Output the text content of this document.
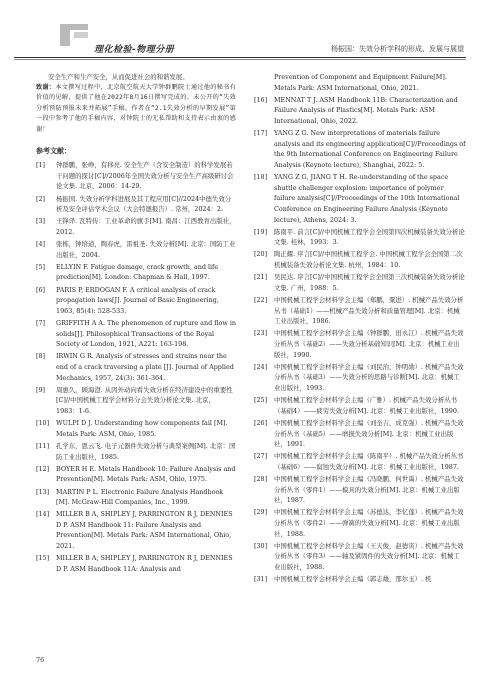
理化检验-物理分册	杨振国：失效分析学科的形成、发展与展望

安全生产和生产安全，从而促进社会的和谐发展。

致谢：本文撰写过程中，北京航空航天大学钟群鹏院士通过他的秘书有价值的见解，提供了他在2022年8月16日撰写完成的、未公开的“失效分析预防预报未来并拓展”手稿。作者在“2.1失效分析的早期发展”第一段中参考了他的手稿内容，对钟院士的无私帮助和支持表示由衷的感谢！

参考文献：
[1]	钟群鹏，张峥，有移亮. 安全生产（含安全制造）的科学发展若干问题的探讨[C]//2006年全国失效分析与安全生产高级研讨会论文集. 北京，2006：14-29.
[2]	杨振国. 失效分析学科进展及其工程应用[C]//2024中德失效分析及安全评估学术会议（大会特邀报告）. 常州，2024：2.
[3]	王锋译. 瓦特传：工业革命的旗手[M]. 南昌：江西教育出版社，2012.
[4]	张栋，钟培道，陶春虎，雷祖圣. 失效分析[M]. 北京：国防工业出版社，2004.
[5]	ELLYIN F. Fatigue damage, crack growth, and life prediction[M]. London: Chapman & Hall, 1997.
[6]	PARIS P, ERDOGAN F. A critical analysis of crack propagation laws[J]. Journal of Basic Engineering, 1963, 85(4): 528-533.
[7]	GRIFFITH A A. The phenomenon of rupture and flow in solids[J]. Philosophical Transactions of the Royal Society of London, 1921, A221: 163-198.
[8]	IRWIN G R. Analysis of stresses and strains near the end of a crack traversing a plate [J]. Journal of Applied Mechanics, 1957, 24(3): 361-364.
[9]	周惠久，顾海澄. 从因外动向看失效分析在经济建设中的重要性[C]//中国机械工程学会材料分会失效分析论文集. 北京，1983：1-6.
[10]	WULPI D J. Understanding how components fail [M]. Metals Park: ASM, Ohio, 1985.
[11]	孔学东，恩云飞. 电子元器件失效分析与典型案例[M]. 北京：国防工业出版社，1985.
[12]	BOYER H E. Metals Handbook 10: Failure Analysis and Prevention[M]. Metals Park: ASM, Ohio, 1975.
[13]	MARTIN P L. Electronic Failure Analysis Handbook [M]. McGraw-Hill Companies, Inc., 1999.
[14]	MILLER B A, SHIPLEY J, PARRINGTON R J, DENNIES D P. ASM Handbook 11: Failure Analysis and Prevention[M]. Metals Park: ASM International, Ohio, 2021.
[15]	MILLER B A, SHIPLEY J, PARRINGTON R J, DENNIES D P. ASM Handbook 11A: Analysis and
Prevention of Component and Equipment Failure[M]. Metals Park: ASM International, Ohio, 2021.
[16]	MENNAT T J. ASM Handbook 11B: Characterization and Failure Analysis of Plastics[M]. Metals Park: ASM International, Ohio, 2022.
[17]	YANG Z G. New interpretations of materials failure analysis and its engineering application[C]//Proceedings of the 9th International Conference on Engineering Failure Analysis (Keynote lecture), Shanghai, 2022: 5.
[18]	YANG Z G, JIANG T H. Re-understanding of the space shuttle challenger explosion: importance of polymer failure analysis[C]//Proceedings of the 10th International Conference on Engineering Failure Analysis (Keynote lecture), Athens, 2024: 3.
[19]	陈南平. 前言[C]//中国机械工程学会全国第四次机械装备失效分析论文集. 桂林，1993：3.
[20]	陶正耀. 序言[C]//中国机械工程学会. 中国机械工程学会全国第二次机械装备失效分析论文集. 杭州，1984：10.
[21]	吴民达. 序言[C]//中国机械工程学会全国第三次机械装备失效分析论文集. 广州，1988：5.
[22]	中国机械工程学会材料学会主编（郑鹏，粟进）. 机械产品失效分析丛书（基础1）——机械产品失效分析和质量管理[M]. 北京：机械工业出版社，1986.
[23]	中国机械工程学会材料学会主编（钟群鹏，田永江）. 机械产品失效分析丛书（基础2）——失效分析基础知识[M]. 北京：机械工业出版社，1990.
[24]	中国机械工程学会材料学会主编（刘民治，钟明勋）. 机械产品失效分析丛书（基础3）——失效分析的思路与诊断[M]. 北京：机械工业出版社，1993.
[25]	中国机械工程学会材料学会主编（广雅）. 机械产品失效分析丛书（基础4）——疲劳失效分析[M]. 北京：机械工业出版社，1990.
[26]	中国机械工程学会材料学会主编（刘奎吉，成克强）. 机械产品失效分析丛书（基础5）——磨损失效分析[M]. 北京：机械工业出版社，1991.
[27]	中国机械工程学会材料学会主编（陈南平）. 机械产品失效分析丛书（基础6）——腐蚀失效分析[M]. 北京：机械工业出版社，1987.
[28]	中国机械工程学会材料学会主编（冯晓鹏，何世禹）. 机械产品失效分析丛书（零件1）——模具的失效分析[M]. 北京：机械工业出版社，1987.
[29]	中国机械工程学会材料学会主编（苏德达，李忆莲）. 机械产品失效分析丛书（零件2）——弹簧的失效分析[M]. 北京：机械工业出版社，1988.
[30]	中国机械工程学会材料学会主编（王天俊，赵德寅）. 机械产品失效分析丛书（零件3）——轴及紧固件的失效分析[M]. 北京：机械工业出版社，1988.
[31]	中国机械工程学会材料学会主编（郭志雄，那尔玉）. 机
76
